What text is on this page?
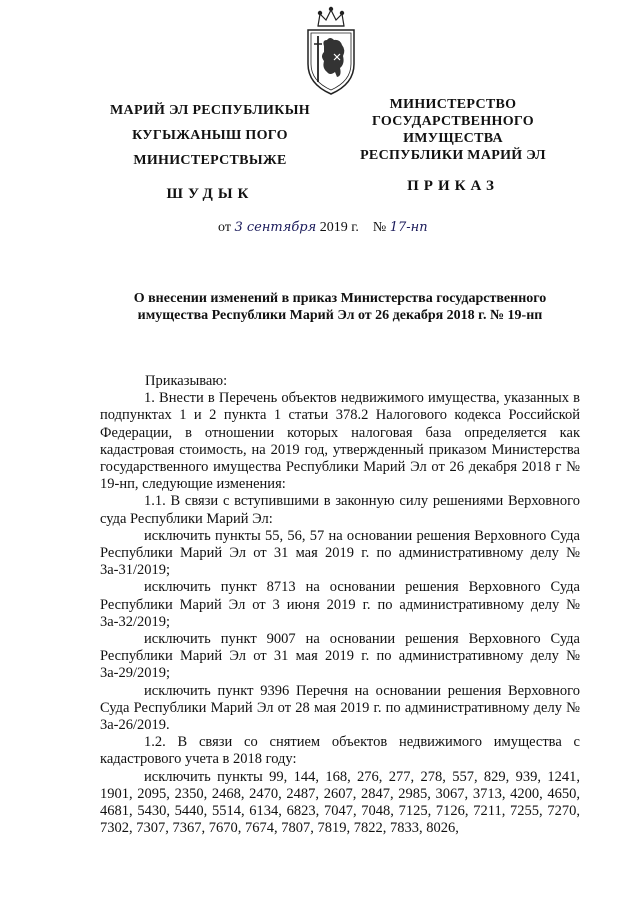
МАРИЙ ЭЛ РЕСПУБЛИКЫН
КУГЫЖАНЫШ ПОГО
МИНИСТЕРСТВЫЖЕ
ШУДЫК
МИНИСТЕРСТВО
ГОСУДАРСТВЕННОГО
ИМУЩЕСТВА
РЕСПУБЛИКИ МАРИЙ ЭЛ
ПРИКАЗ
от 3 сентября 2019 г. № 17-нп
О внесении изменений в приказ Министерства государственного имущества Республики Марий Эл от 26 декабря 2018 г. № 19-нп

Приказываю:

1. Внести в Перечень объектов недвижимого имущества, указанных в подпунктах 1 и 2 пункта 1 статьи 378.2 Налогового кодекса Российской Федерации, в отношении которых налоговая база определяется как кадастровая стоимость, на 2019 год, утвержденный приказом Министерства государственного имущества Республики Марий Эл от 26 декабря 2018 г № 19-нп, следующие изменения:

1.1. В связи с вступившими в законную силу решениями Верховного суда Республики Марий Эл:

исключить пункты 55, 56, 57 на основании решения Верховного Суда Республики Марий Эл от 31 мая 2019 г. по административному делу № 3а-31/2019;

исключить пункт 8713 на основании решения Верховного Суда Республики Марий Эл от 3 июня 2019 г. по административному делу № 3а-32/2019;

исключить пункт 9007 на основании решения Верховного Суда Республики Марий Эл от 31 мая 2019 г. по административному делу № 3а-29/2019;

исключить пункт 9396 Перечня на основании решения Верховного Суда Республики Марий Эл от 28 мая 2019 г. по административному делу № 3а-26/2019.

1.2. В связи со снятием объектов недвижимого имущества с кадастрового учета в 2018 году:

исключить пункты 99, 144, 168, 276, 277, 278, 557, 829, 939, 1241, 1901, 2095, 2350, 2468, 2470, 2487, 2607, 2847, 2985, 3067, 3713, 4200, 4650, 4681, 5430, 5440, 5514, 6134, 6823, 7047, 7048, 7125, 7126, 7211, 7255, 7270, 7302, 7307, 7367, 7670, 7674, 7807, 7819, 7822, 7833, 8026,
